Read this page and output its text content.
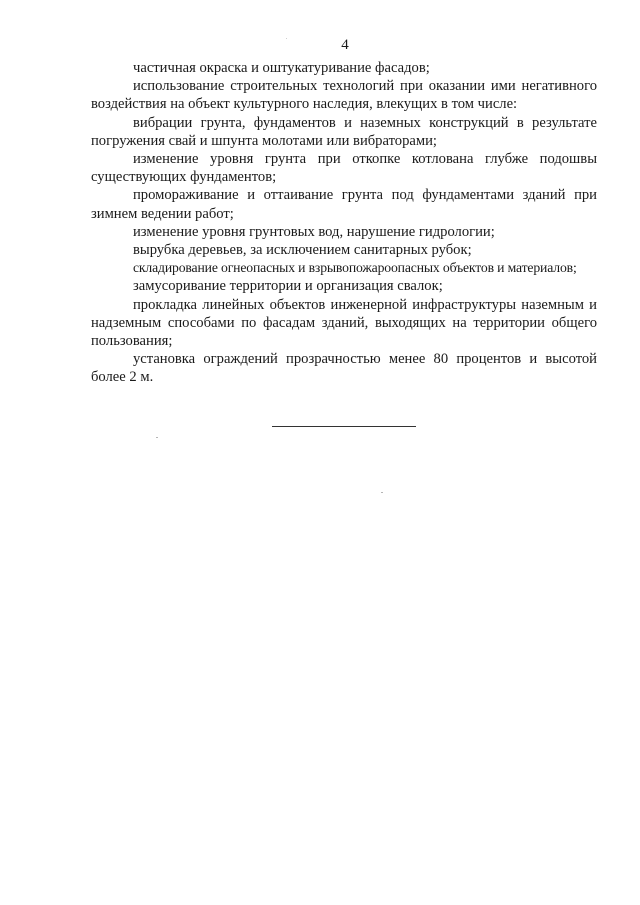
4

частичная окраска и оштукатуривание фасадов;

использование строительных технологий при оказании ими негативного воздействия на объект культурного наследия, влекущих в том числе:

вибрации грунта, фундаментов и наземных конструкций в результате погружения свай и шпунта молотами или вибраторами;

изменение уровня грунта при откопке котлована глубже подошвы существующих фундаментов;

промораживание и оттаивание грунта под фундаментами зданий при зимнем ведении работ;

изменение уровня грунтовых вод, нарушение гидрологии;

вырубка деревьев, за исключением санитарных рубок;

складирование огнеопасных и взрывопожароопасных объектов и материалов;

замусоривание территории и организация свалок;

прокладка линейных объектов инженерной инфраструктуры наземным и надземным способами по фасадам зданий, выходящих на территории общего пользования;

установка ограждений прозрачностью менее 80 процентов и высотой более 2 м.
